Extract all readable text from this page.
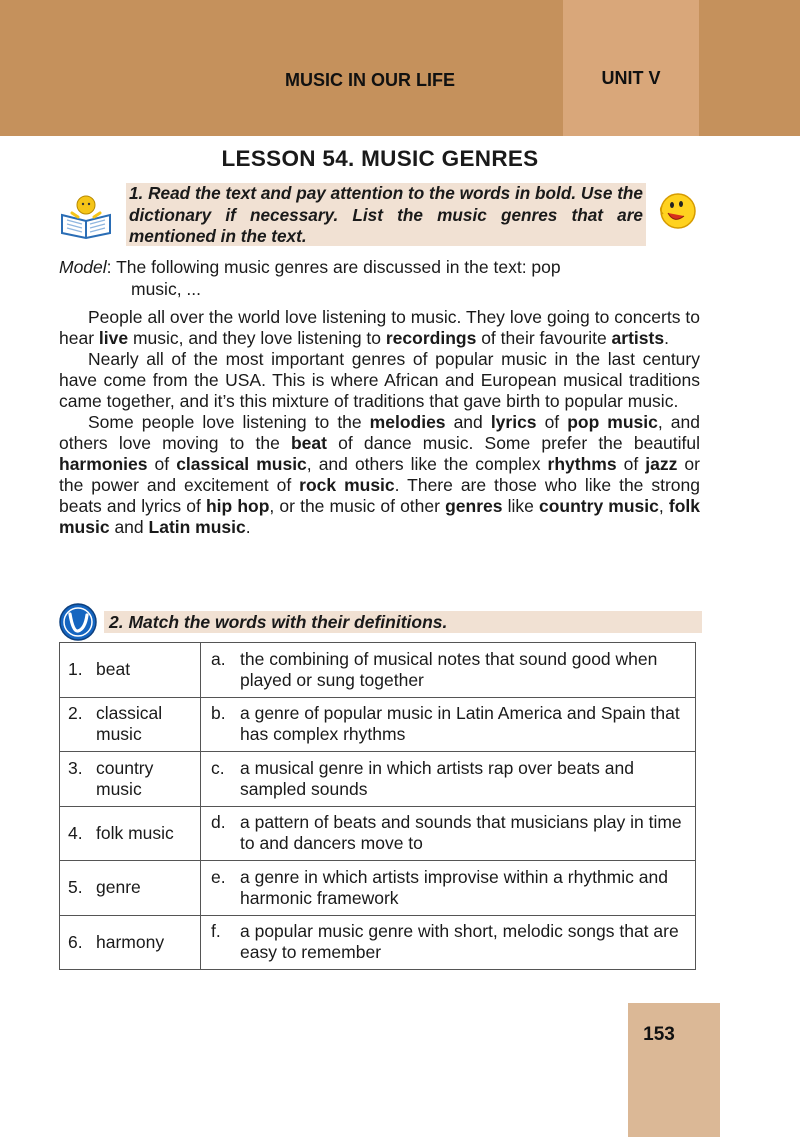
MUSIC IN OUR LIFE	UNIT V
LESSON 54. MUSIC GENRES
1. Read the text and pay attention to the words in bold. Use the dictionary if necessary. List the music genres that are mentioned in the text.
Model: The following music genres are discussed in the text: pop
music, ...

People all over the world love listening to music. They love going to concerts to hear live music, and they love listening to recordings of their favourite artists.

Nearly all of the most important genres of popular music in the last century have come from the USA. This is where African and European musical traditions came together, and it’s this mixture of traditions that gave birth to popular music.

Some people love listening to the melodies and lyrics of pop music, and others love moving to the beat of dance music. Some prefer the beautiful harmonies of classical music, and others like the complex rhythms of jazz or the power and excitement of rock music. There are those who like the strong beats and lyrics of hip hop, or the music of other genres like country music, folk music and Latin music.

2. Match the words with their definitions.
1. beat	a. the combining of musical notes that sound good when played or sung together

2. classical music	b. a genre of popular music in Latin America and Spain that has complex rhythms

3. country music	c. a musical genre in which artists rap over beats and sampled sounds

4. folk music	d. a pattern of beats and sounds that musicians play in time to and dancers move to

5. genre	e. a genre in which artists improvise within a rhythmic and harmonic framework

6. harmony	f. a popular music genre with short, melodic songs that are easy to remember
153
